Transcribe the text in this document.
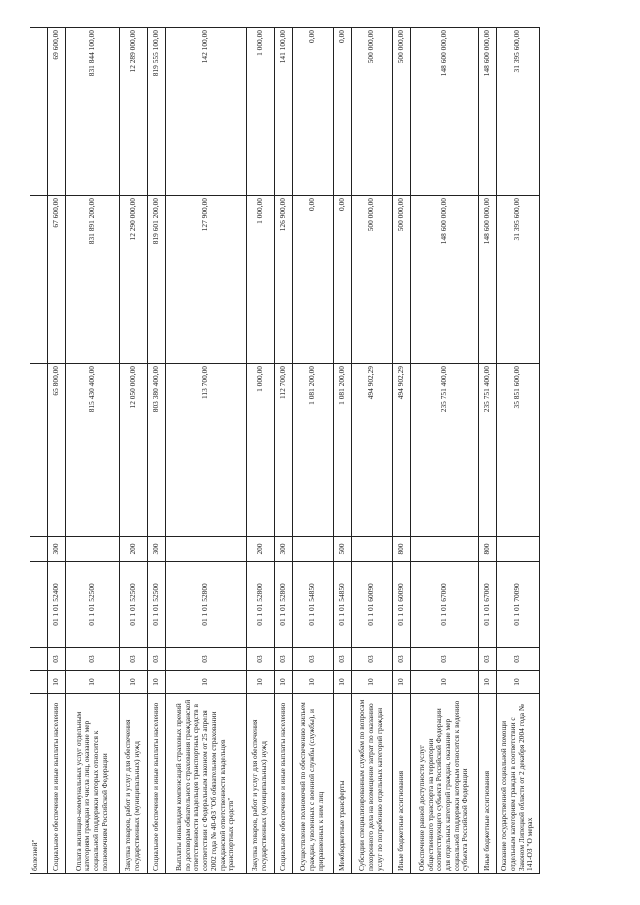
болезней"							
Социальное обеспечение и иные выплаты населению	10	03	01 1 01 52400	300	65 800,00	67 600,00	69 600,00
Оплата жилищно-коммунальных услуг отдельным категориям граждан из числа лиц, оказание мер социальной поддержки которых относится к полномочиям Российской Федерации	10	03	01 1 01 52500		815 430 400,00	831 891 200,00	831 844 100,00
Закупка товаров, работ и услуг для обеспечения государственных (муниципальных) нужд	10	03	01 1 01 52500	200	12 050 000,00	12 290 000,00	12 289 000,00
Социальное обеспечение и иные выплаты населению	10	03	01 1 01 52500	300	803 380 400,00	819 601 200,00	819 555 100,00
Выплаты инвалидам компенсаций страховых премий по договорам обязательного страхования гражданской ответственности владельцев транспортных средств в соответствии с Федеральным законом от 25 апреля 2002 года № 40-ФЗ "Об обязательном страховании гражданской ответственности владельцев транспортных средств"	10	03	01 1 01 52800		113 700,00	127 900,00	142 100,00
Закупка товаров, работ и услуг для обеспечения государственных (муниципальных) нужд	10	03	01 1 01 52800	200	1 000,00	1 000,00	1 000,00
Социальное обеспечение и иные выплаты населению	10	03	01 1 01 52800	300	112 700,00	126 900,00	141 100,00
Осуществление полномочий по обеспечению жильем граждан, уволенных с военной службы (службы), и приравненных к ним лиц	10	03	01 1 01 54850		1 081 200,00	0,00	0,00
Межбюджетные трансферты	10	03	01 1 01 54850	500	1 081 200,00	0,00	0,00
Субсидии специализированным службам по вопросам похоронного дела на возмещение затрат по оказанию услуг по погребению отдельных категорий граждан	10	03	01 1 01 60090		494 902,29	500 000,00	500 000,00
Иные бюджетные ассигнования	10	03	01 1 01 60090	800	494 902,29	500 000,00	500 000,00
Обеспечение равной доступности услуг общественного транспорта на территории соответствующего субъекта Российской Федерации для отдельных категорий граждан, оказание мер социальной поддержки которым относится к ведению субъекта Российской Федерации	10	03	01 1 01 67000		235 751 400,00	148 600 000,00	148 600 000,00
Иные бюджетные ассигнования	10	03	01 1 01 67000	800	235 751 400,00	148 600 000,00	148 600 000,00
Оказание государственной социальной помощи отдельным категориям граждан в соответствии с Законом Липецкой области от 2 декабря 2004 года № 141-ОЗ "О мерах	10	03	01 1 01 70090		35 851 600,00	31 395 600,00	31 395 600,00
